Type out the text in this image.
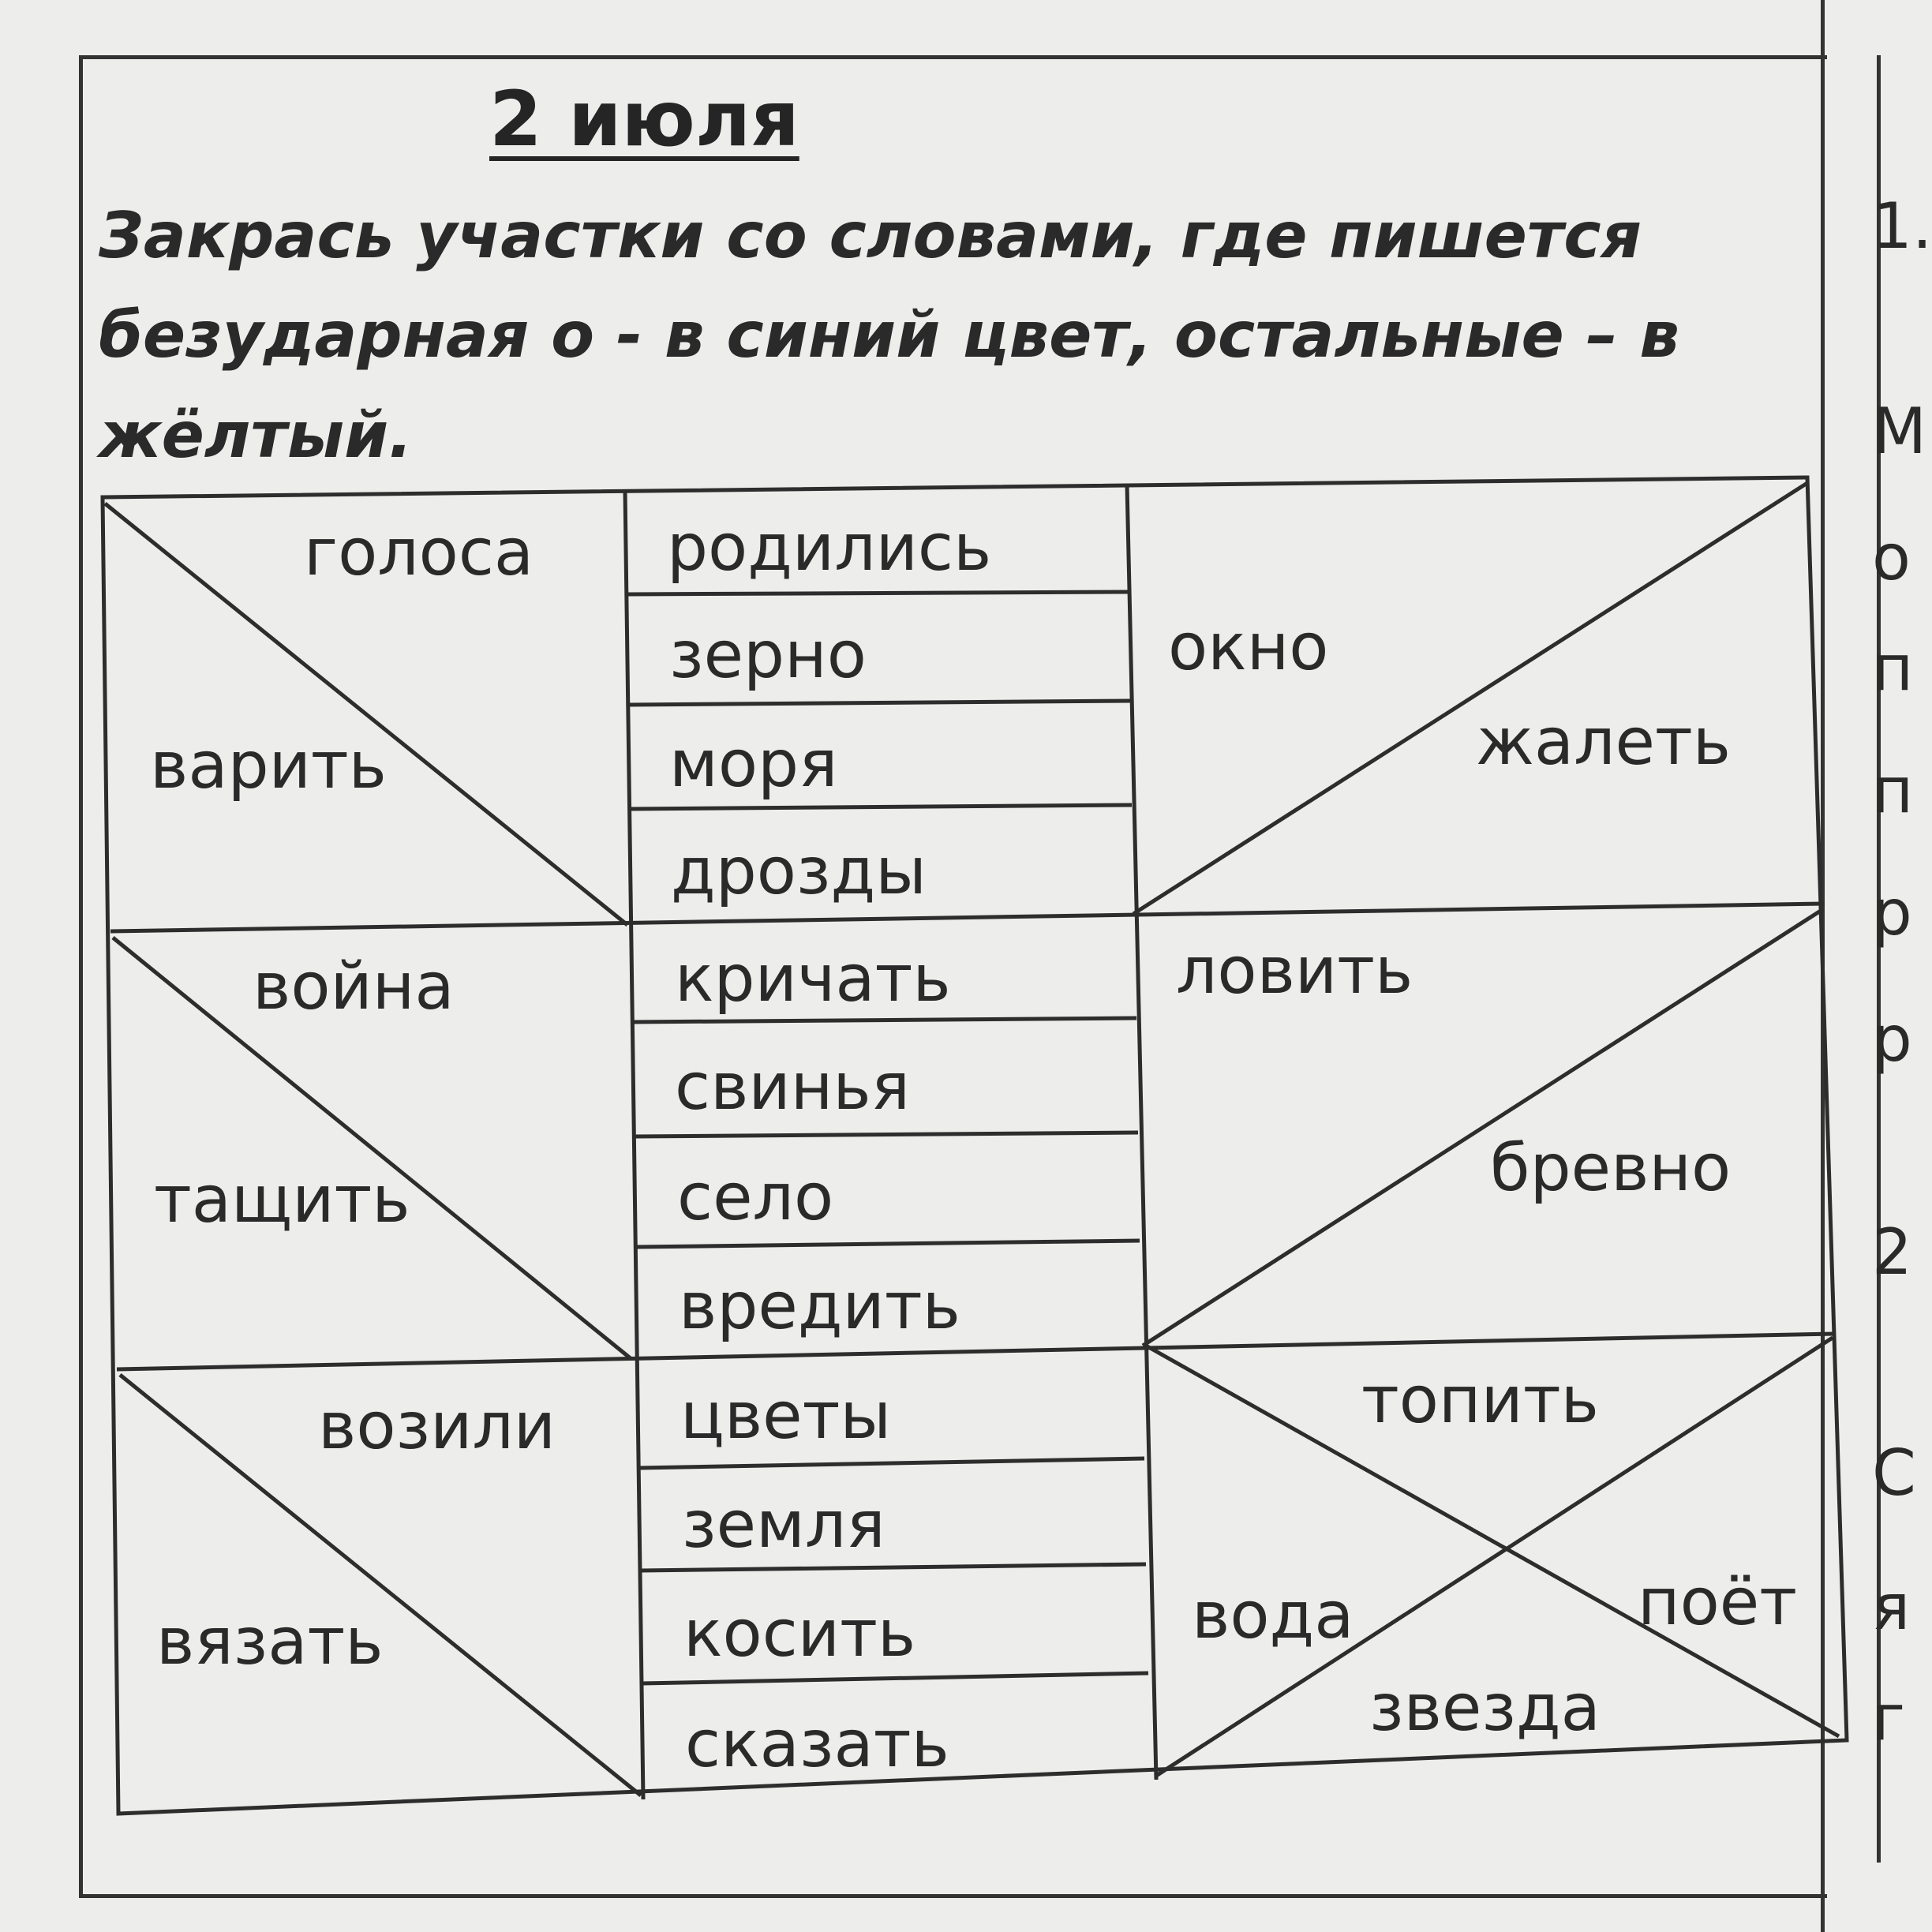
2 июля
Закрась участки со словами, где пишется
безударная о - в синий цвет, остальные – в
жёлтый.
1.
М
о
п
п
р
р
2
С
я
г
голоса
варить
родились
зерно
моря
дрозды
окно
жалеть
война
тащить
кричать
свинья
село
вредить
ловить
бревно
возили
вязать
цветы
земля
косить
сказать
топить
вода	поёт
звезда
